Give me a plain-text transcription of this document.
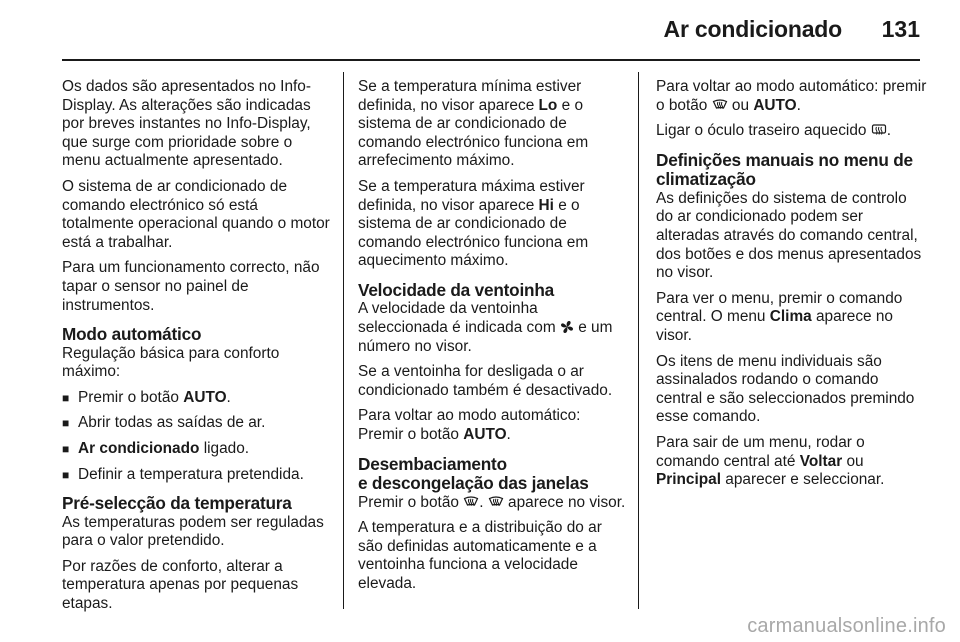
Ar condicionado 131

Os dados são apresentados no Info-Display. As alterações são indicadas por breves instantes no Info-Display, que surge com prioridade sobre o menu actualmente apresentado.

O sistema de ar condicionado de comando electrónico só está totalmente operacional quando o motor está a trabalhar.

Para um funcionamento correcto, não tapar o sensor no painel de instrumentos.

Modo automático

Regulação básica para conforto máximo:

■ Premir o botão AUTO.
■ Abrir todas as saídas de ar.
■ Ar condicionado ligado.
■ Definir a temperatura pretendida.
Pré-selecção da temperatura

As temperaturas podem ser reguladas para o valor pretendido.

Por razões de conforto, alterar a temperatura apenas por pequenas etapas.

Se a temperatura mínima estiver definida, no visor aparece Lo e o sistema de ar condicionado de comando electrónico funciona em arrefecimento máximo.

Se a temperatura máxima estiver definida, no visor aparece Hi e o sistema de ar condicionado de comando electrónico funciona em aquecimento máximo.

Velocidade da ventoinha

A velocidade da ventoinha seleccionada é indicada com  e um número no visor.

Se a ventoinha for desligada o ar condicionado também é desactivado.

Para voltar ao modo automático: Premir o botão AUTO.

Desembaciamento
e descongelação das janelas

Premir o botão .  aparece no visor.

A temperatura e a distribuição do ar são definidas automaticamente e a ventoinha funciona a velocidade elevada.

Para voltar ao modo automático: premir o botão  ou AUTO.

Ligar o óculo traseiro aquecido .

Definições manuais no menu de climatização

As definições do sistema de controlo do ar condicionado podem ser alteradas através do comando central, dos botões e dos menus apresentados no visor.

Para ver o menu, premir o comando central. O menu Clima aparece no visor.

Os itens de menu individuais são assinalados rodando o comando central e são seleccionados premindo esse comando.

Para sair de um menu, rodar o comando central até Voltar ou Principal aparecer e seleccionar.

carmanualsonline.info
